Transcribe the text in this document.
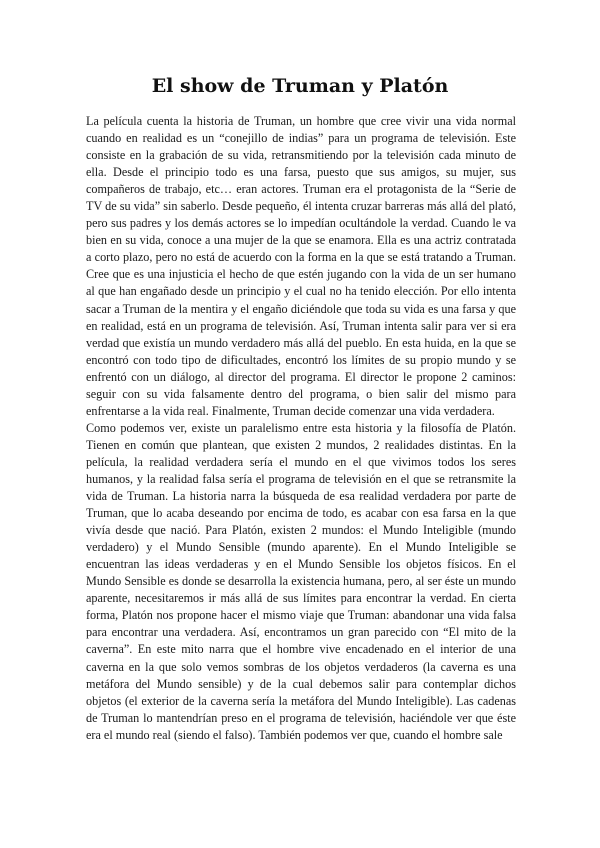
El show de Truman y Platón

La película cuenta la historia de Truman, un hombre que cree vivir una vida normal cuando en realidad es un “conejillo de indias” para un programa de televisión. Este consiste en la grabación de su vida, retransmitiendo por la televisión cada minuto de ella. Desde el principio todo es una farsa, puesto que sus amigos, su mujer, sus compañeros de trabajo, etc… eran actores. Truman era el protagonista de la “Serie de TV de su vida” sin saberlo. Desde pequeño, él intenta cruzar barreras más allá del plató, pero sus padres y los demás actores se lo impedían ocultándole la verdad. Cuando le va bien en su vida, conoce a una mujer de la que se enamora. Ella es una actriz contratada a corto plazo, pero no está de acuerdo con la forma en la que se está tratando a Truman. Cree que es una injusticia el hecho de que estén jugando con la vida de un ser humano al que han engañado desde un principio y el cual no ha tenido elección. Por ello intenta sacar a Truman de la mentira y el engaño diciéndole que toda su vida es una farsa y que en realidad, está en un programa de televisión. Así, Truman intenta salir para ver si era verdad que existía un mundo verdadero más allá del pueblo. En esta huida, en la que se encontró con todo tipo de dificultades, encontró los límites de su propio mundo y se enfrentó con un diálogo, al director del programa. El director le propone 2 caminos: seguir con su vida falsamente dentro del programa, o bien salir del mismo para enfrentarse a la vida real. Finalmente, Truman decide comenzar una vida verdadera.

Como podemos ver, existe un paralelismo entre esta historia y la filosofía de Platón. Tienen en común que plantean, que existen 2 mundos, 2 realidades distintas. En la película, la realidad verdadera sería el mundo en el que vivimos todos los seres humanos, y la realidad falsa sería el programa de televisión en el que se retransmite la vida de Truman. La historia narra la búsqueda de esa realidad verdadera por parte de Truman, que lo acaba deseando por encima de todo, es acabar con esa farsa en la que vivía desde que nació. Para Platón, existen 2 mundos: el Mundo Inteligible (mundo verdadero) y el Mundo Sensible (mundo aparente). En el Mundo Inteligible se encuentran las ideas verdaderas y en el Mundo Sensible los objetos físicos. En el Mundo Sensible es donde se desarrolla la existencia humana, pero, al ser éste un mundo aparente, necesitaremos ir más allá de sus límites para encontrar la verdad. En cierta forma, Platón nos propone hacer el mismo viaje que Truman: abandonar una vida falsa para encontrar una verdadera. Así, encontramos un gran parecido con “El mito de la caverna”. En este mito narra que el hombre vive encadenado en el interior de una caverna en la que solo vemos sombras de los objetos verdaderos (la caverna es una metáfora del Mundo sensible) y de la cual debemos salir para contemplar dichos objetos (el exterior de la caverna sería la metáfora del Mundo Inteligible). Las cadenas de Truman lo mantendrían preso en el programa de televisión, haciéndole ver que éste era el mundo real (siendo el falso). También podemos ver que, cuando el hombre sale
